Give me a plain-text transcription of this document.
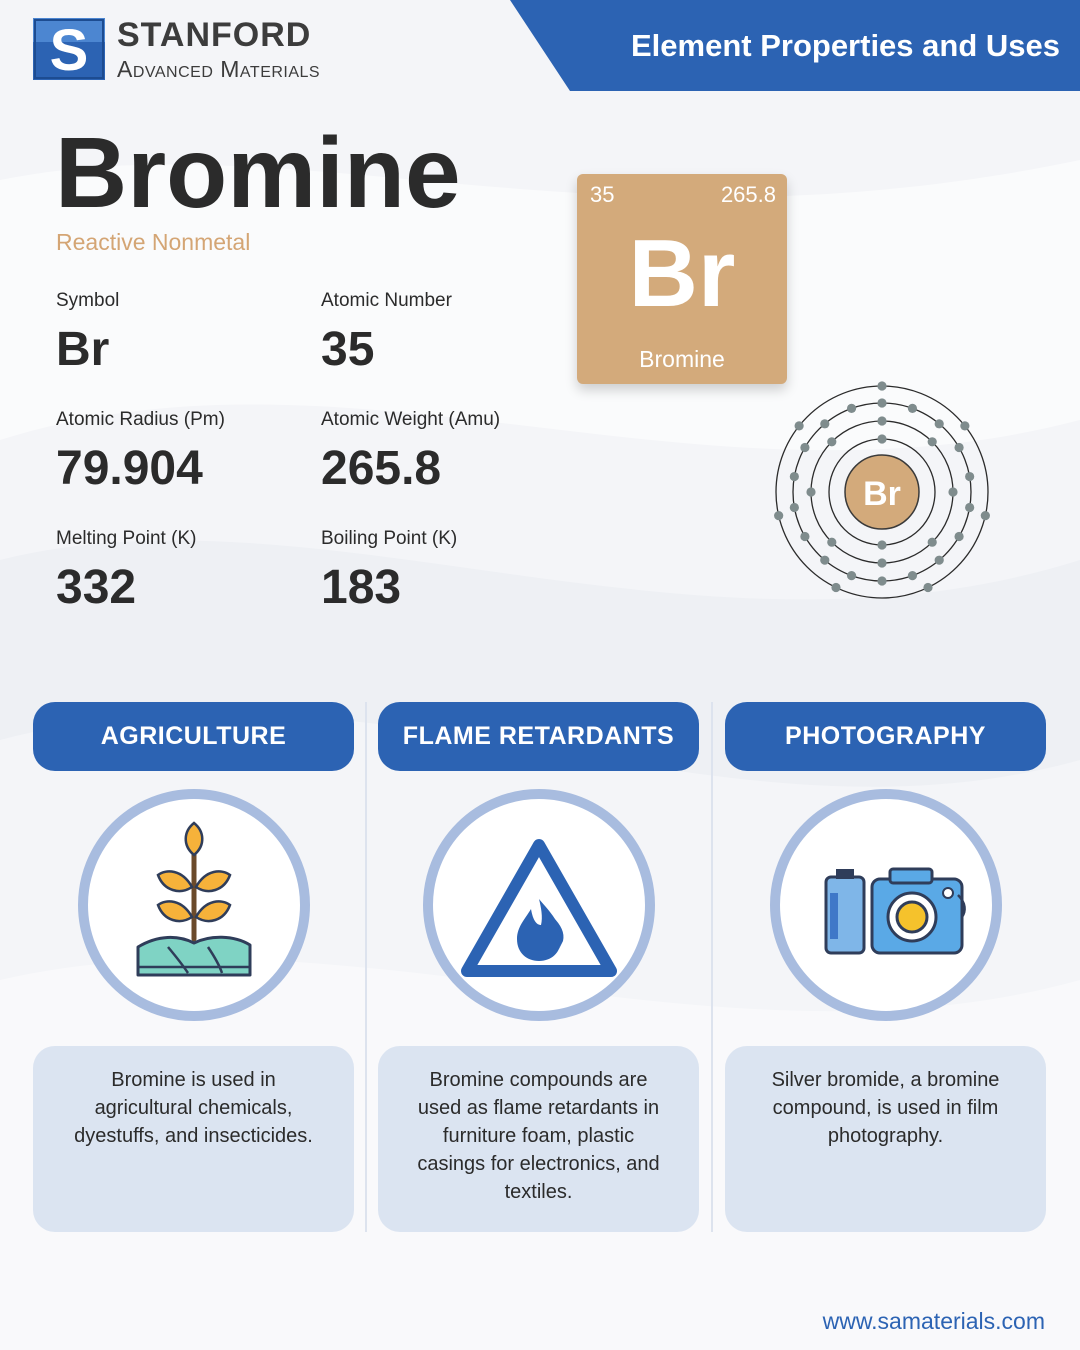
S STANFORD
Advanced Materials
Element Properties and Uses
Bromine
Reactive Nonmetal
Symbol
Br
Atomic Number
35
Atomic Radius (Pm)
79.904
Atomic Weight (Amu)
265.8
Melting Point (K)
332
Boiling Point (K)
183
35	265.8
Br
Bromine
Br
AGRICULTURE
Bromine is used in agricultural chemicals, dyestuffs, and insecticides.
FLAME RETARDANTS
Bromine compounds are used as flame retardants in furniture foam, plastic casings for electronics, and textiles.
PHOTOGRAPHY
Silver bromide, a bromine compound, is used in film photography.
www.samaterials.com
